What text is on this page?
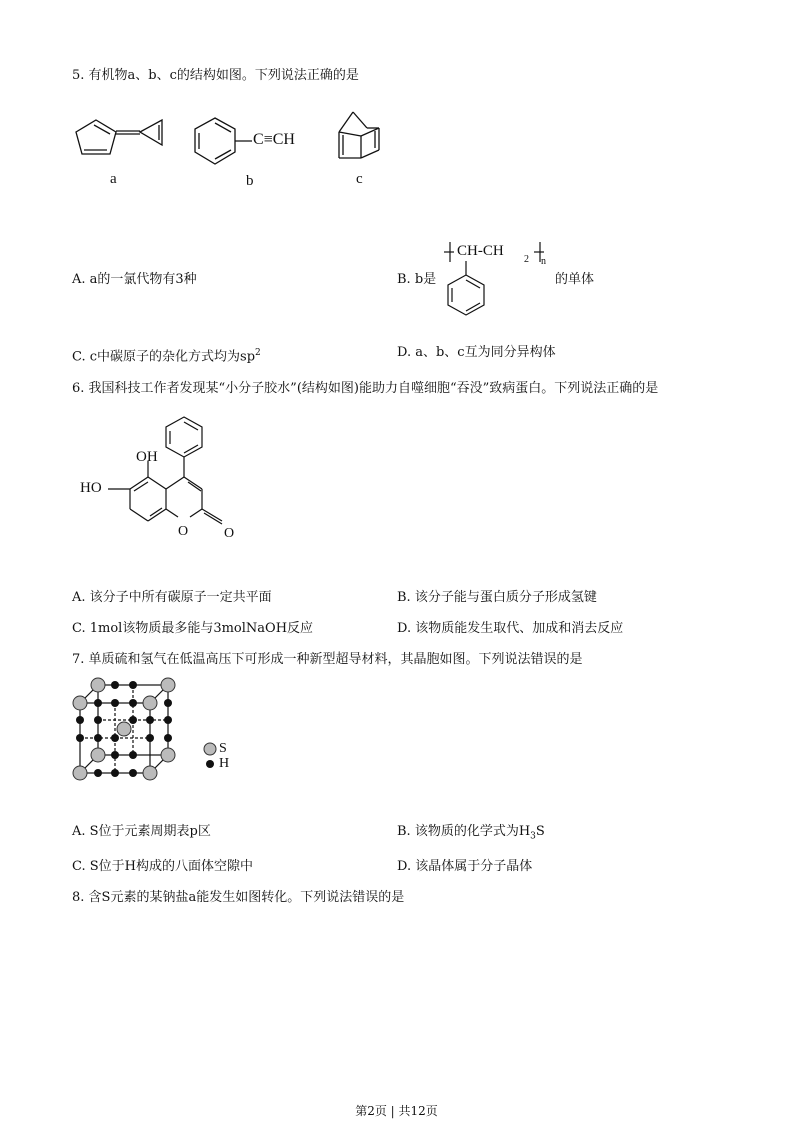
5. 有机物a、b、c的结构如图。下列说法正确的是
a
C≡CH
b	c
A. a的一氯代物有3种	B. b是
CH-CH
2 n
的单体
C. c中碳原子的杂化方式均为$sp^2$	D. a、b、c互为同分异构体
6. 我国科技工作者发现某“小分子胶水”(结构如图)能助力自噬细胞“吞没”致病蛋白。下列说法正确的是
OH
HO
O	O
A. 该分子中所有碳原子一定共平面	B. 该分子能与蛋白质分子形成氢键
C. 1mol该物质最多能与3molNaOH反应	D. 该物质能发生取代、加成和消去反应
7. 单质硫和氢气在低温高压下可形成一种新型超导材料，其晶胞如图。下列说法错误的是
S
H
A. S位于元素周期表p区	B. 该物质的化学式为$H_3S$
C. S位于H构成的八面体空隙中	D. 该晶体属于分子晶体
8. 含S元素的某钠盐a能发生如图转化。下列说法错误的是
第2页 | 共12页
